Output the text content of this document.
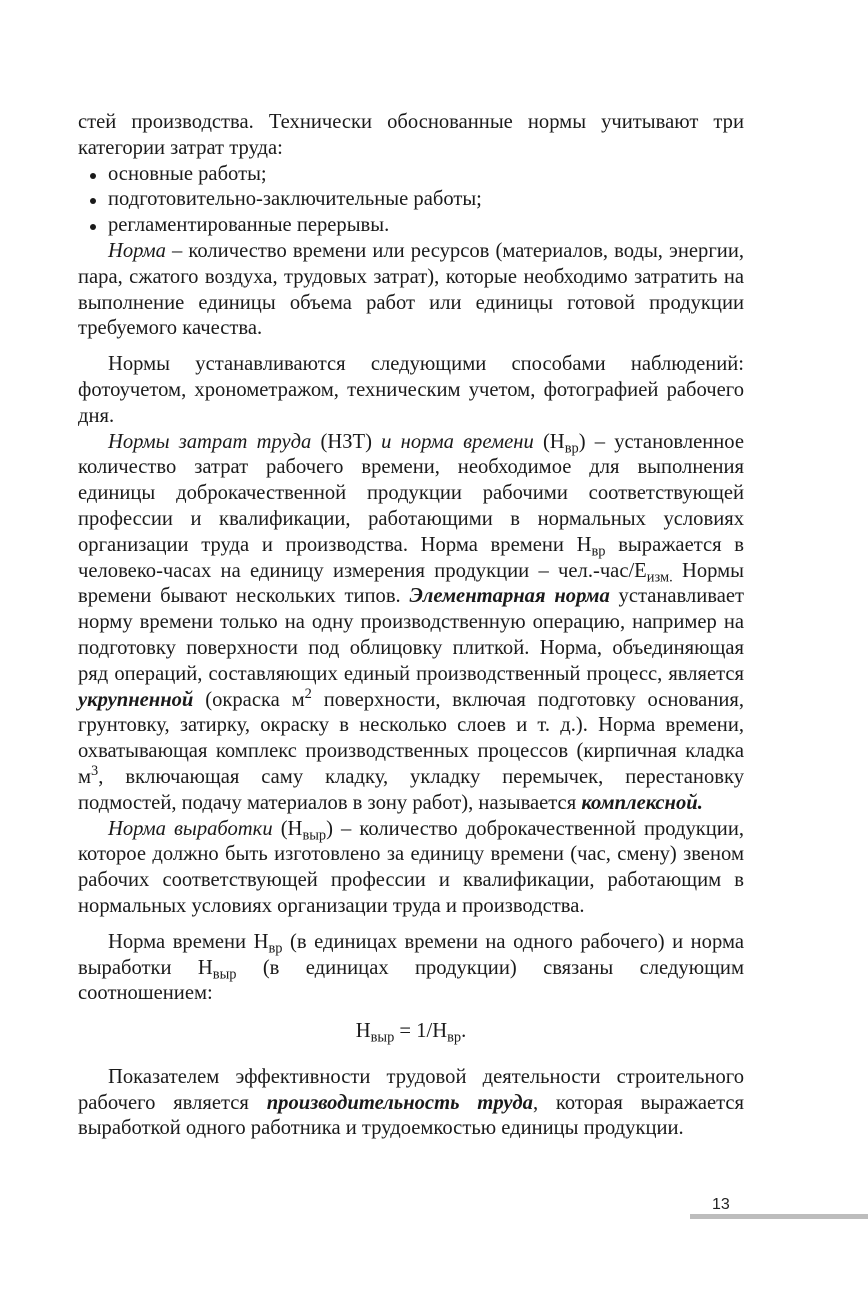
стей производства. Технически обоснованные нормы учитывают три категории затрат труда:

основные работы;
подготовительно-заключительные работы;
регламентированные перерывы.

Норма – количество времени или ресурсов (материалов, воды, энергии, пара, сжатого воздуха, трудовых затрат), которые необходимо затратить на выполнение единицы объема работ или единицы готовой продукции требуемого качества.

Нормы устанавливаются следующими способами наблюдений: фотоучетом, хронометражом, техническим учетом, фотографией рабочего дня.

Нормы затрат труда (НЗТ) и норма времени $(Н_{вр})$ – установленное количество затрат рабочего времени, необходимое для выполнения единицы доброкачественной продукции рабочими соответствующей профессии и квалификации, работающими в нормальных условиях организации труда и производства. Норма времени $Н_{вр}$ выражается в человеко-часах на единицу измерения продукции – $чел.-час/Е_{изм.}$ Нормы времени бывают нескольких типов. Элементарная норма устанавливает норму времени только на одну производственную операцию, например на подготовку поверхности под облицовку плиткой. Норма, объединяющая ряд операций, составляющих единый производственный процесс, является укрупненной (окраска $м^2$ поверхности, включая подготовку основания, грунтовку, затирку, окраску в несколько слоев и т. д.). Норма времени, охватывающая комплекс производственных процессов (кирпичная кладка $м^3$, включающая саму кладку, укладку перемычек, перестановку подмостей, подачу материалов в зону работ), называется комплексной.

Норма выработки $(Н_{выр})$ – количество доброкачественной продукции, которое должно быть изготовлено за единицу времени (час, смену) звеном рабочих соответствующей профессии и квалификации, работающим в нормальных условиях организации труда и производства.

Норма времени $Н_{вр}$ (в единицах времени на одного рабочего) и норма выработки $Н_{выр}$ (в единицах продукции) связаны следующим соотношением:

$Н_{выр} = 1/Н_{вр}$.

Показателем эффективности трудовой деятельности строительного рабочего является производительность труда, которая выражается выработкой одного работника и трудоемкостью единицы продукции.

13
